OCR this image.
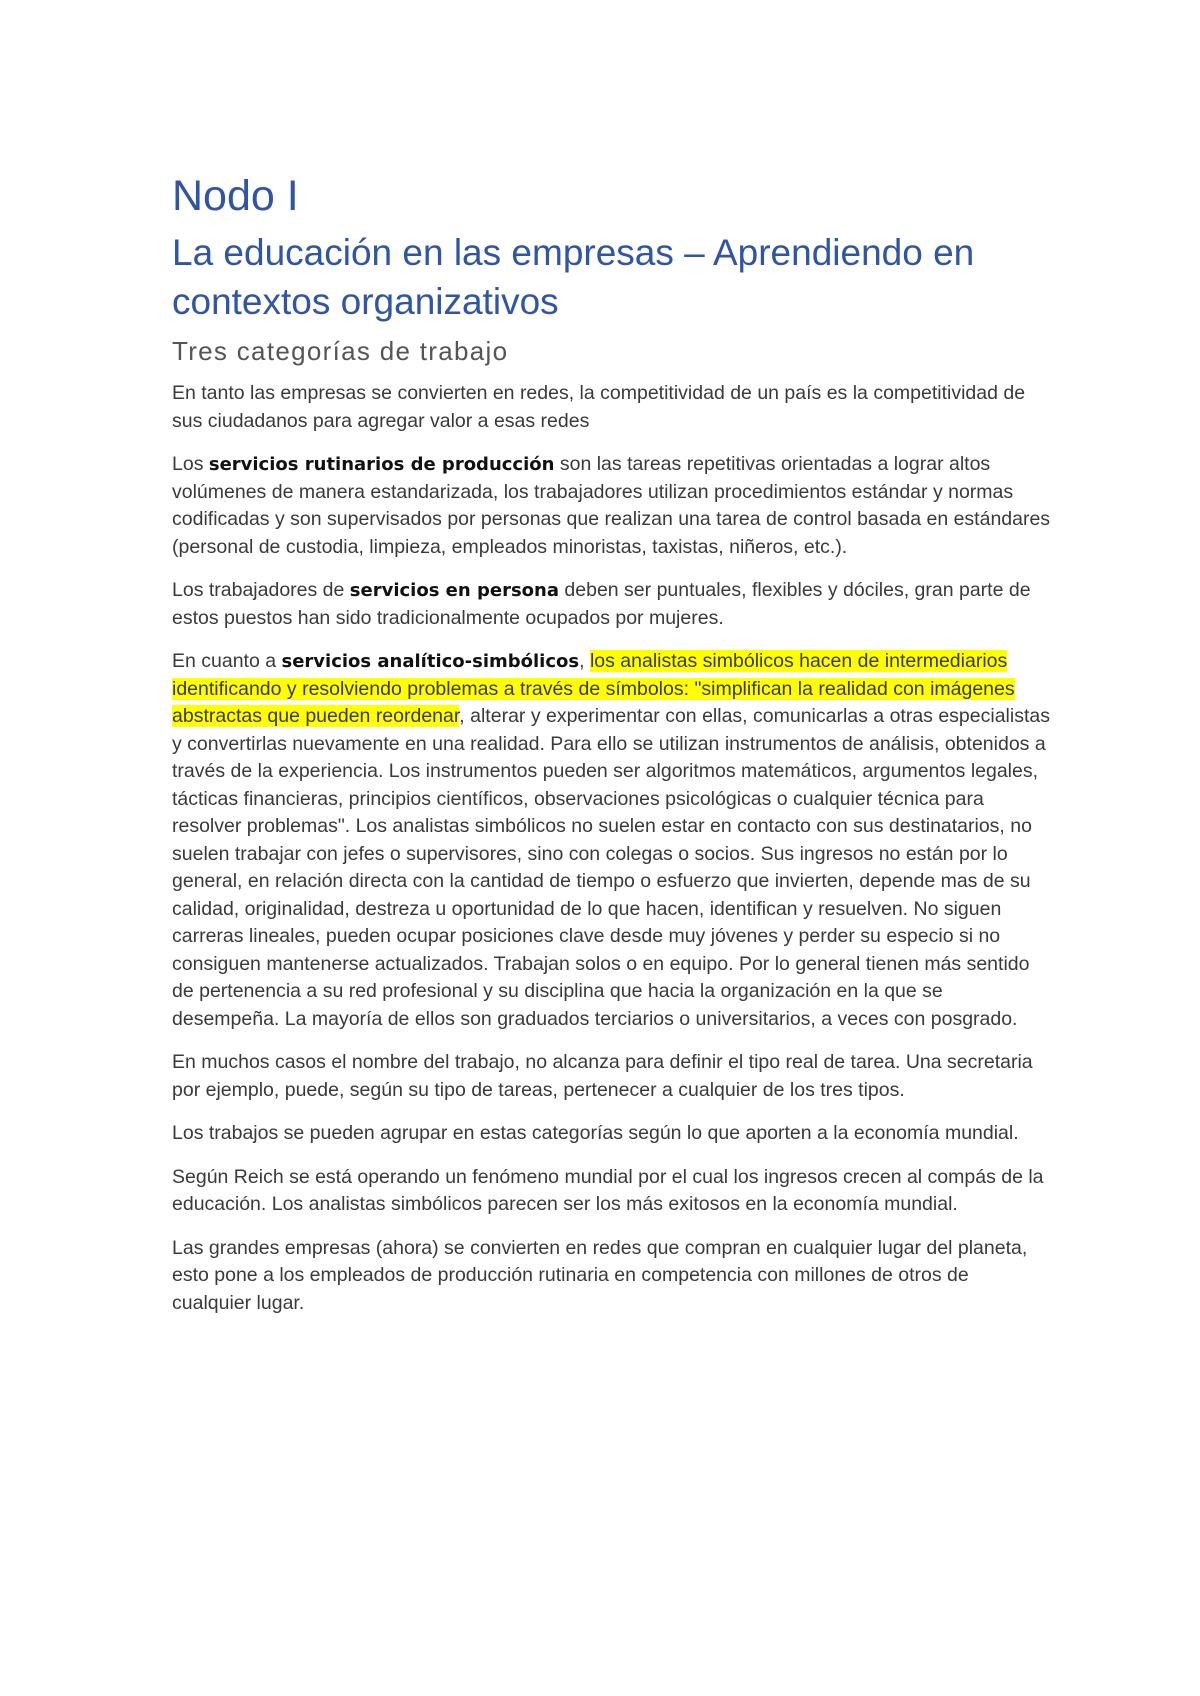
Nodo I
La educación en las empresas – Aprendiendo en contextos organizativos
Tres categorías de trabajo

En tanto las empresas se convierten en redes, la competitividad de un país es la competitividad de sus ciudadanos para agregar valor a esas redes

Los servicios rutinarios de producción son las tareas repetitivas orientadas a lograr altos volúmenes de manera estandarizada, los trabajadores utilizan procedimientos estándar y normas codificadas y son supervisados por personas que realizan una tarea de control basada en estándares (personal de custodia, limpieza, empleados minoristas, taxistas, niñeros, etc.).

Los trabajadores de servicios en persona deben ser puntuales, flexibles y dóciles, gran parte de estos puestos han sido tradicionalmente ocupados por mujeres.

En cuanto a servicios analítico-simbólicos, los analistas simbólicos hacen de intermediarios identificando y resolviendo problemas a través de símbolos: "simplifican la realidad con imágenes abstractas que pueden reordenar, alterar y experimentar con ellas, comunicarlas a otras especialistas y convertirlas nuevamente en una realidad. Para ello se utilizan instrumentos de análisis, obtenidos a través de la experiencia. Los instrumentos pueden ser algoritmos matemáticos, argumentos legales, tácticas financieras, principios científicos, observaciones psicológicas o cualquier técnica para resolver problemas". Los analistas simbólicos no suelen estar en contacto con sus destinatarios, no suelen trabajar con jefes o supervisores, sino con colegas o socios. Sus ingresos no están por lo general, en relación directa con la cantidad de tiempo o esfuerzo que invierten, depende mas de su calidad, originalidad, destreza u oportunidad de lo que hacen, identifican y resuelven. No siguen carreras lineales, pueden ocupar posiciones clave desde muy jóvenes y perder su especio si no consiguen mantenerse actualizados. Trabajan solos o en equipo. Por lo general tienen más sentido de pertenencia a su red profesional y su disciplina que hacia la organización en la que se desempeña. La mayoría de ellos son graduados terciarios o universitarios, a veces con posgrado.

En muchos casos el nombre del trabajo, no alcanza para definir el tipo real de tarea. Una secretaria por ejemplo, puede, según su tipo de tareas, pertenecer a cualquier de los tres tipos.

Los trabajos se pueden agrupar en estas categorías según lo que aporten a la economía mundial.

Según Reich se está operando un fenómeno mundial por el cual los ingresos crecen al compás de la educación. Los analistas simbólicos parecen ser los más exitosos en la economía mundial.

Las grandes empresas (ahora) se convierten en redes que compran en cualquier lugar del planeta, esto pone a los empleados de producción rutinaria en competencia con millones de otros de cualquier lugar.
